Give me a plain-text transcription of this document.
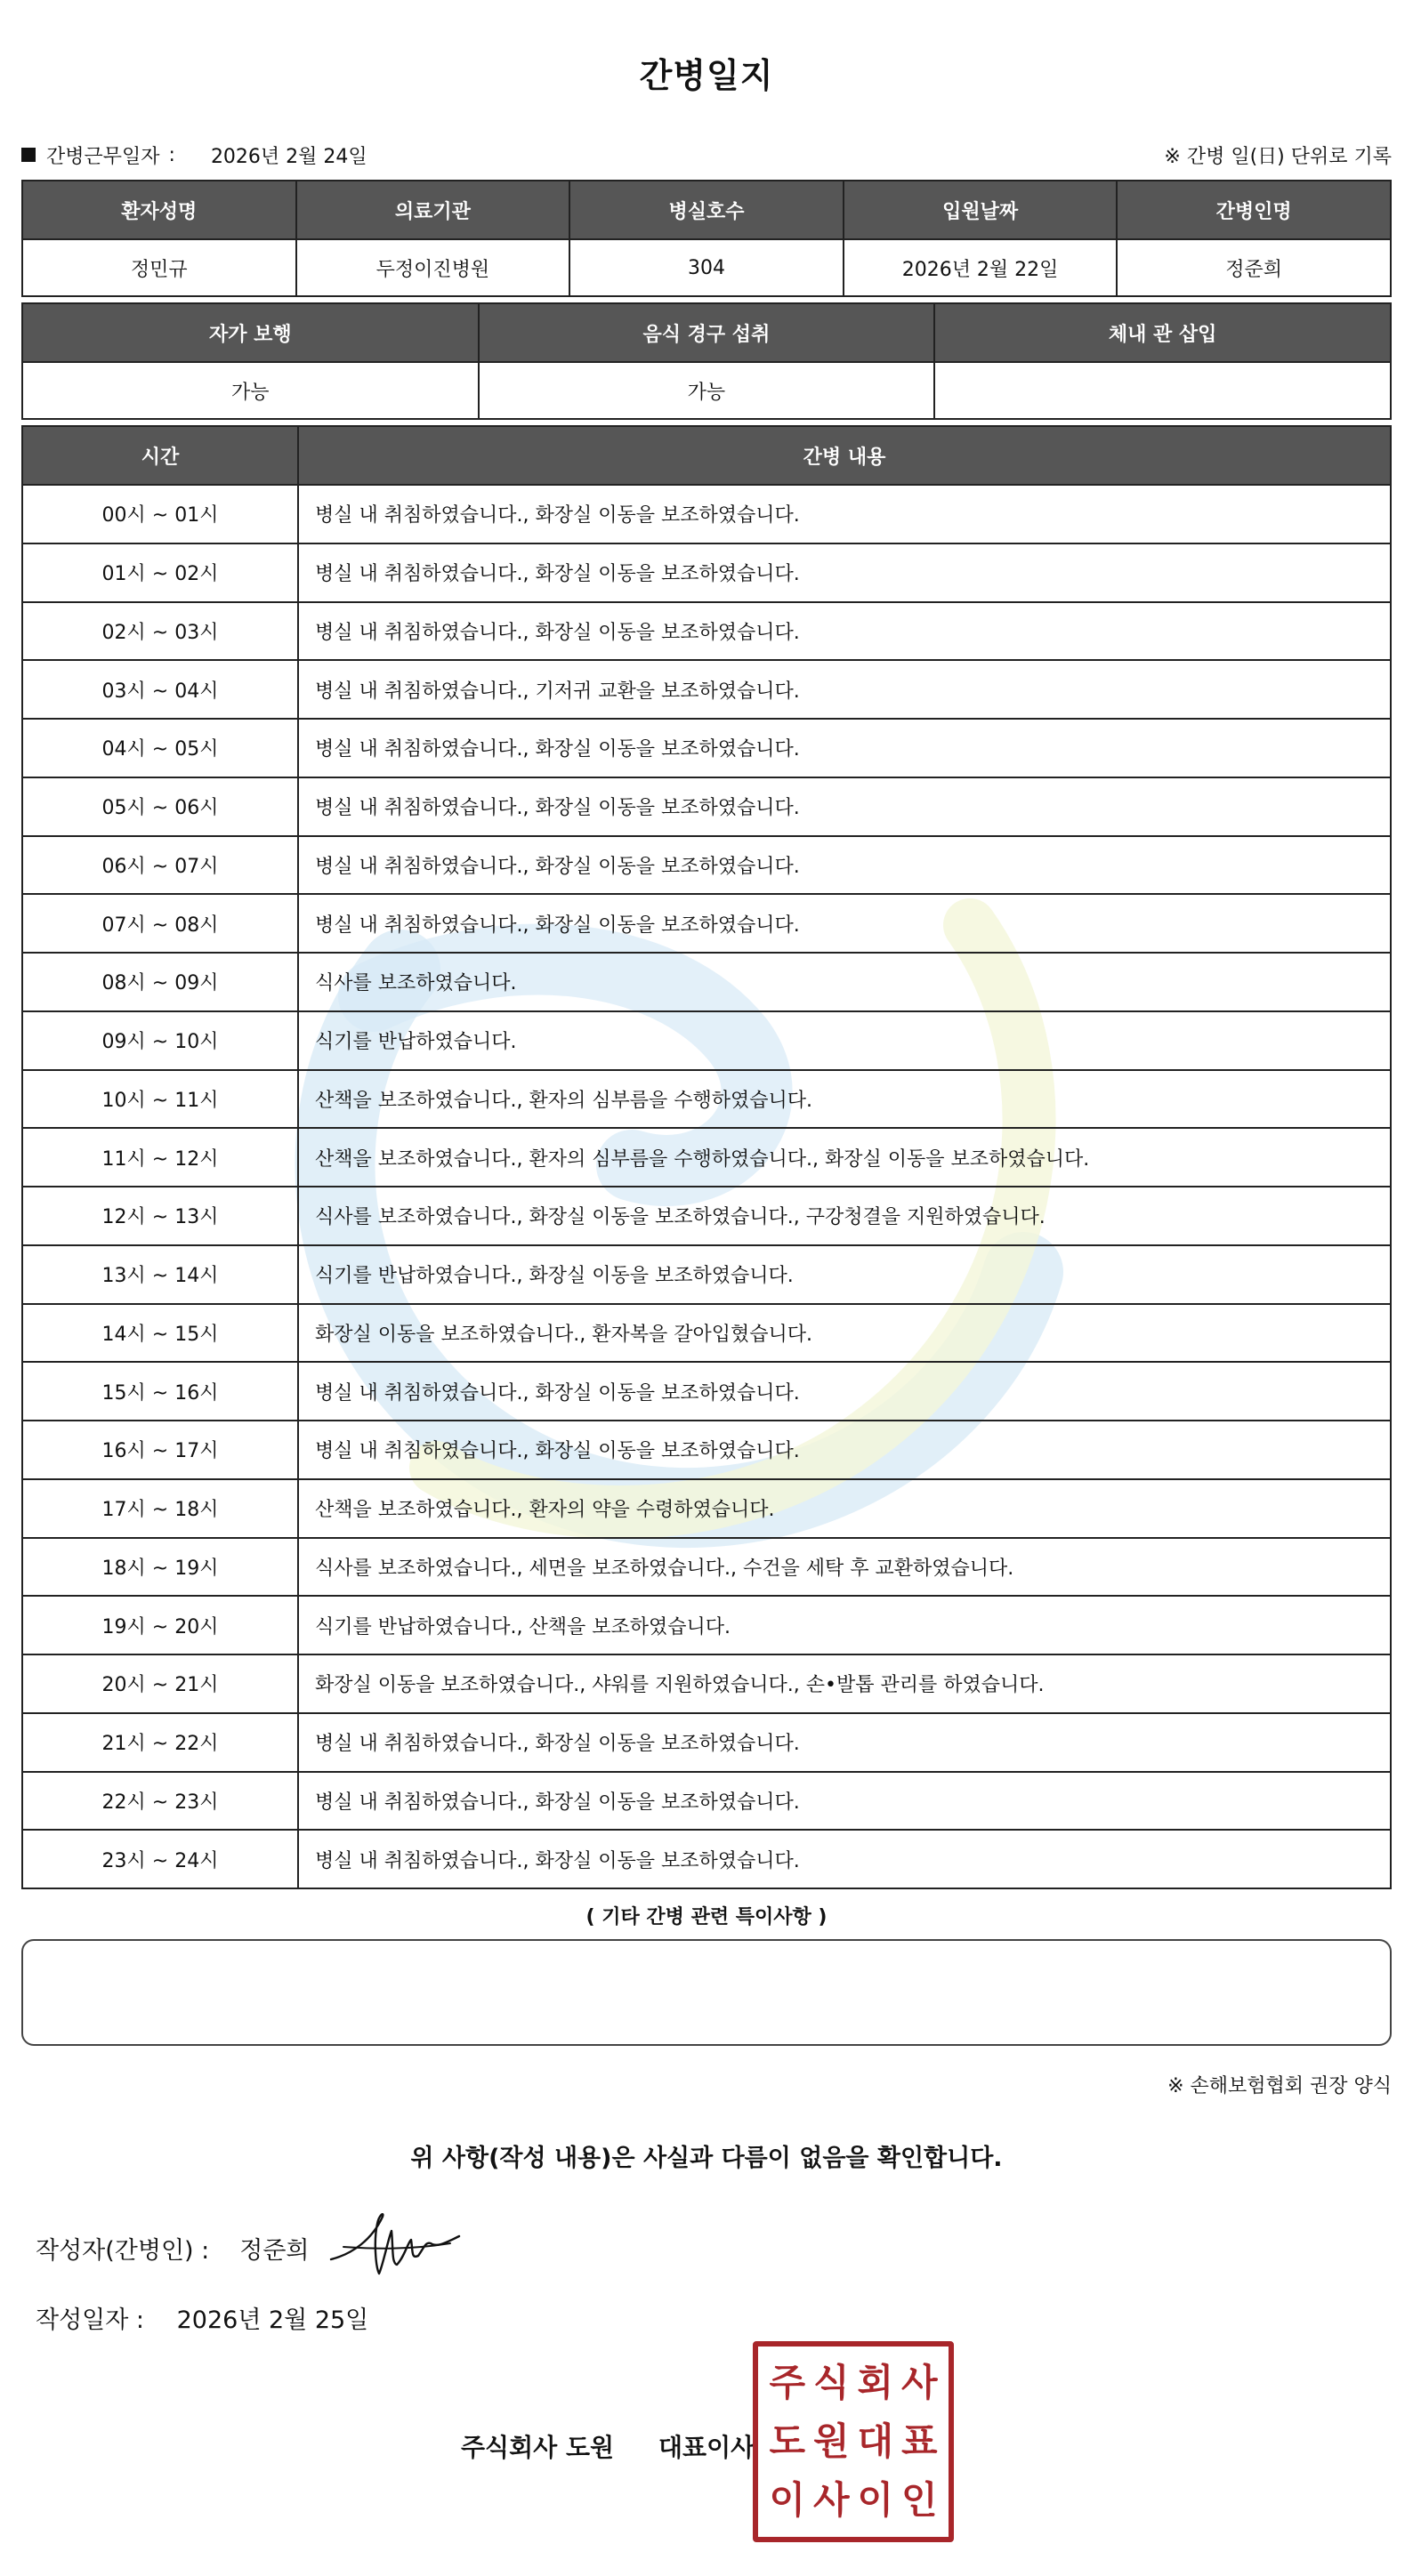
간병일지
간병근무일자 : 2026년 2월 24일	※ 간병 일(日) 단위로 기록
환자성명	의료기관	병실호수	입원날짜	간병인명
정민규	두정이진병원	304	2026년 2월 22일	정준희
자가 보행	음식 경구 섭취	체내 관 삽입
가능	가능	
시간	간병 내용
00시 ~ 01시	병실 내 취침하였습니다., 화장실 이동을 보조하였습니다.
01시 ~ 02시	병실 내 취침하였습니다., 화장실 이동을 보조하였습니다.
02시 ~ 03시	병실 내 취침하였습니다., 화장실 이동을 보조하였습니다.
03시 ~ 04시	병실 내 취침하였습니다., 기저귀 교환을 보조하였습니다.
04시 ~ 05시	병실 내 취침하였습니다., 화장실 이동을 보조하였습니다.
05시 ~ 06시	병실 내 취침하였습니다., 화장실 이동을 보조하였습니다.
06시 ~ 07시	병실 내 취침하였습니다., 화장실 이동을 보조하였습니다.
07시 ~ 08시	병실 내 취침하였습니다., 화장실 이동을 보조하였습니다.
08시 ~ 09시	식사를 보조하였습니다.
09시 ~ 10시	식기를 반납하였습니다.
10시 ~ 11시	산책을 보조하였습니다., 환자의 심부름을 수행하였습니다.
11시 ~ 12시	산책을 보조하였습니다., 환자의 심부름을 수행하였습니다., 화장실 이동을 보조하였습니다.
12시 ~ 13시	식사를 보조하였습니다., 화장실 이동을 보조하였습니다., 구강청결을 지원하였습니다.
13시 ~ 14시	식기를 반납하였습니다., 화장실 이동을 보조하였습니다.
14시 ~ 15시	화장실 이동을 보조하였습니다., 환자복을 갈아입혔습니다.
15시 ~ 16시	병실 내 취침하였습니다., 화장실 이동을 보조하였습니다.
16시 ~ 17시	병실 내 취침하였습니다., 화장실 이동을 보조하였습니다.
17시 ~ 18시	산책을 보조하였습니다., 환자의 약을 수령하였습니다.
18시 ~ 19시	식사를 보조하였습니다., 세면을 보조하였습니다., 수건을 세탁 후 교환하였습니다.
19시 ~ 20시	식기를 반납하였습니다., 산책을 보조하였습니다.
20시 ~ 21시	화장실 이동을 보조하였습니다., 샤워를 지원하였습니다., 손•발톱 관리를 하였습니다.
21시 ~ 22시	병실 내 취침하였습니다., 화장실 이동을 보조하였습니다.
22시 ~ 23시	병실 내 취침하였습니다., 화장실 이동을 보조하였습니다.
23시 ~ 24시	병실 내 취침하였습니다., 화장실 이동을 보조하였습니다.
( 기타 간병 관련 특이사항 )
※ 손해보험협회 권장 양식
위 사항(작성 내용)은 사실과 다름이 없음을 확인합니다.
작성자(간병인) : 정준희
작성일자 : 2026년 2월 25일
주식회사 도원 대표이사
주 식 회 사
도 원 대 표
이 사 이 인
